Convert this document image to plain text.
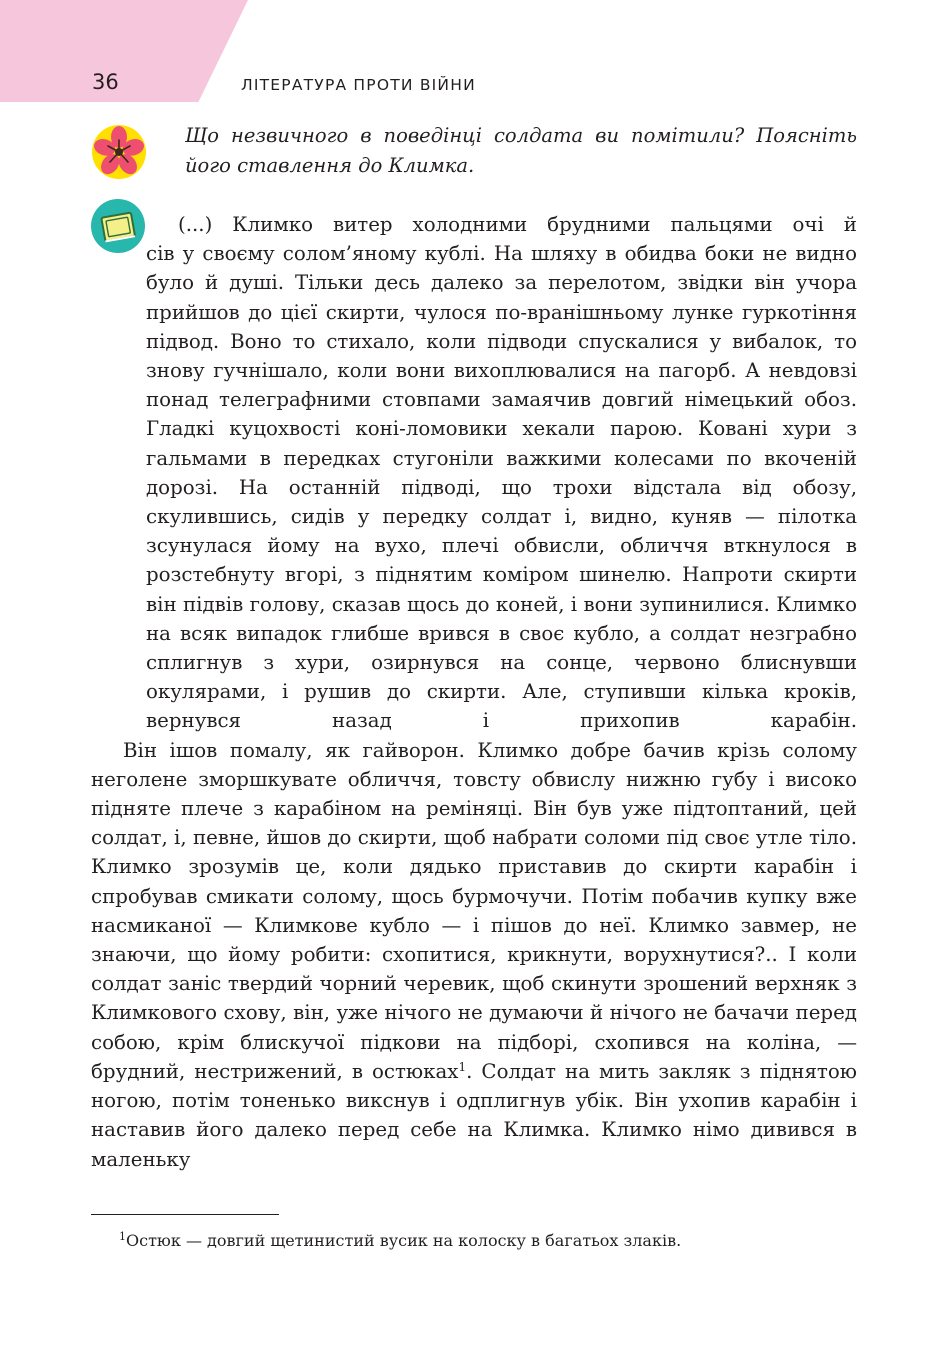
36	ЛІТЕРАТУРА ПРОТИ ВІЙНИ
Що незвичного в поведінці солдата ви помітили? Поясніть його ставлення до Климка.

(...) Климко витер холодними брудними пальцями очі й

сів у своєму солом’яному кублі. На шляху в обидва боки не видно було й душі. Тільки десь далеко за перелотом, звідки він учора прийшов до цієї скирти, чулося по-вранішньому лунке гуркотіння підвод. Воно то стихало, коли підводи спускалися у вибалок, то знову гучнішало, коли вони вихоплювалися на пагорб. А невдовзі понад телеграфними стовпами замаячив довгий німецький обоз. Гладкі куцохвості коні-ломовики хекали парою. Ковані хури з гальмами в передках стугоніли важкими колесами по вкоченій дорозі. На останній підводі, що трохи відстала від обозу, скулившись, сидів у передку солдат і, видно, куняв — пілотка зсунулася йому на вухо, плечі обвисли, обличчя вткнулося в розстебнуту вгорі, з піднятим коміром шинелю. Напроти скирти він підвів голову, сказав щось до коней, і вони зупинилися. Климко на всяк випадок глибше врився в своє кубло, а солдат незграбно сплигнув з хури, озирнувся на сонце, червоно блиснувши окулярами, і рушив до скирти. Але, ступивши кілька кроків, вернувся назад і прихопив карабін.

Він ішов помалу, як гайворон. Климко добре бачив крізь солому неголене зморшкувате обличчя, товсту обвислу нижню губу і високо підняте плече з карабіном на реміняці. Він був уже підтоптаний, цей солдат, і, певне, йшов до скирти, щоб набрати соломи під своє утле тіло. Климко зрозумів це, коли дядько приставив до скирти карабін і спробував смикати солому, щось бурмочучи. Потім побачив купку вже насмиканої — Климкове кубло — і пішов до неї. Климко завмер, не знаючи, що йому робити: схопитися, крикнути, ворухнутися?.. І коли солдат заніс твердий чорний черевик, щоб скинути зрошений верхняк з Климкового схову, він, уже нічого не думаючи й нічого не бачачи перед собою, крім блискучої підкови на підборі, схопився на коліна, — брудний, нестрижений, в остюках$^1$. Солдат на мить закляк з піднятою ногою, потім тоненько викснув і одплигнув убік. Він ухопив карабін і наставив його далеко перед себе на Климка. Климко німо дивився в маленьку

$^1$Остюк — довгий щетинистий вусик на колоску в багатьох злаків.
